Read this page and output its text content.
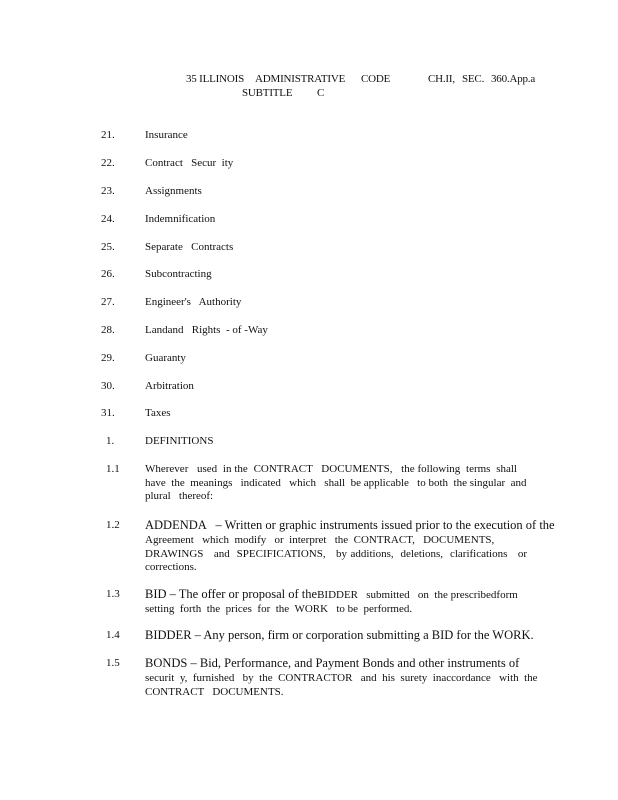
35 ILLINOIS ADMINISTRATIVE CODE	CH.II, SEC. 360.App.a
SUBTITLE C
21.	Insurance
22.	Contract   Secur  ity
23.	Assignments
24.	Indemnification
25.	Separate   Contracts
26.	Subcontracting
27.	Engineer's   Authority
28.	Landand   Rights  - of -Way
29.	Guaranty
30.	Arbitration
31.	Taxes
1.	DEFINITIONS
1.1	Wherever   used  in the  CONTRACT   DOCUMENTS,   the following  terms  shall
have  the  meanings   indicated   which   shall  be applicable   to both  the singular  and
plural   thereof:
1.2	ADDENDA   – Written or graphic instruments issued prior to the execution of the
Agreement   which  modify   or  interpret   the  CONTRACT,   DOCUMENTS,
DRAWINGS   and  SPECIFICATIONS,   by additions,  deletions,  clarifications   or
corrections.
1.3	BID – The offer or proposal of theBIDDER   submitted   on  the prescribedform
setting  forth  the  prices  for  the  WORK   to be  performed.
1.4	BIDDER – Any person, firm or corporation submitting a BID for the WORK.
1.5	BONDS – Bid, Performance, and Payment Bonds and other instruments of
securit  y,  furnished   by  the  CONTRACTOR   and  his  surety  inaccordance   with  the
CONTRACT   DOCUMENTS.
